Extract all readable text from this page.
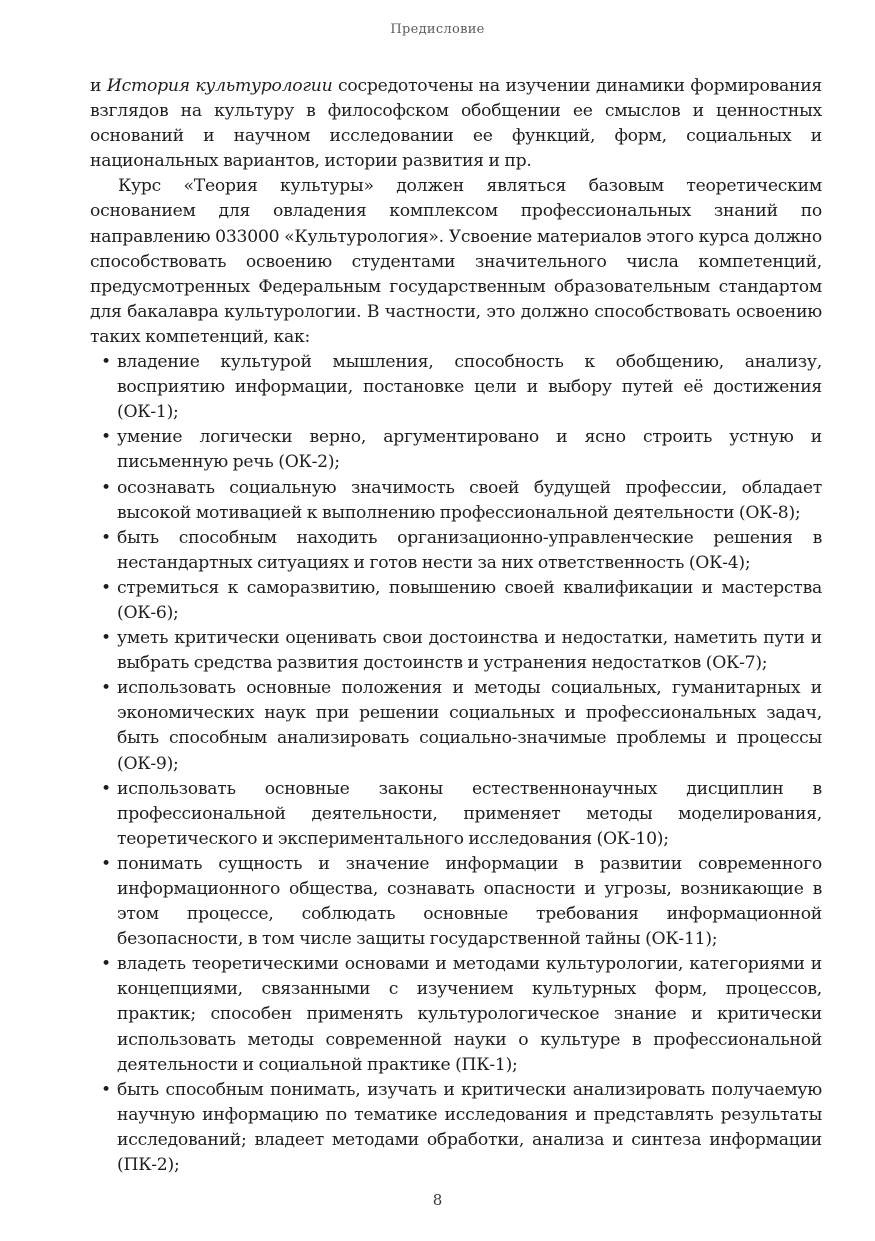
Предисловие

и История культурологии сосредоточены на изучении динамики формирования взглядов на культуру в философском обобщении ее смыслов и ценностных оснований и научном исследовании ее функций, форм, социальных и национальных вариантов, истории развития и пр.

Курс «Теория культуры» должен являться базовым теоретическим основанием для овладения комплексом профессиональных знаний по направлению 033000 «Культурология». Усвоение материалов этого курса должно способствовать освоению студентами значительного числа компетенций, предусмотренных Федеральным государственным образовательным стандартом для бакалавра культурологии. В частности, это должно способствовать освоению таких компетенций, как:

• владение культурой мышления, способность к обобщению, анализу, восприятию информации, постановке цели и выбору путей её достижения (ОК-1);
• умение логически верно, аргументировано и ясно строить устную и письменную речь (ОК-2);
• осознавать социальную значимость своей будущей профессии, обладает высокой мотивацией к выполнению профессиональной деятельности (ОК-8);
• быть способным находить организационно-управленческие решения в нестандартных ситуациях и готов нести за них ответственность (ОК-4);
• стремиться к саморазвитию, повышению своей квалификации и мастерства (ОК-6);
• уметь критически оценивать свои достоинства и недостатки, наметить пути и выбрать средства развития достоинств и устранения недостатков (ОК-7);
• использовать основные положения и методы социальных, гуманитарных и экономических наук при решении социальных и профессиональных задач, быть способным анализировать социально-значимые проблемы и процессы (ОК-9);
• использовать основные законы естественнонаучных дисциплин в профессиональной деятельности, применяет методы моделирования, теоретического и экспериментального исследования (ОК-10);
• понимать сущность и значение информации в развитии современного информационного общества, сознавать опасности и угрозы, возникающие в этом процессе, соблюдать основные требования информационной безопасности, в том числе защиты государственной тайны (ОК-11);
• владеть теоретическими основами и методами культурологии, категориями и концепциями, связанными с изучением культурных форм, процессов, практик; способен применять культурологическое знание и критически использовать методы современной науки о культуре в профессиональной деятельности и социальной практике (ПК-1);
• быть способным понимать, изучать и критически анализировать получаемую научную информацию по тематике исследования и представлять результаты исследований; владеет методами обработки, анализа и синтеза информации (ПК-2);
8
